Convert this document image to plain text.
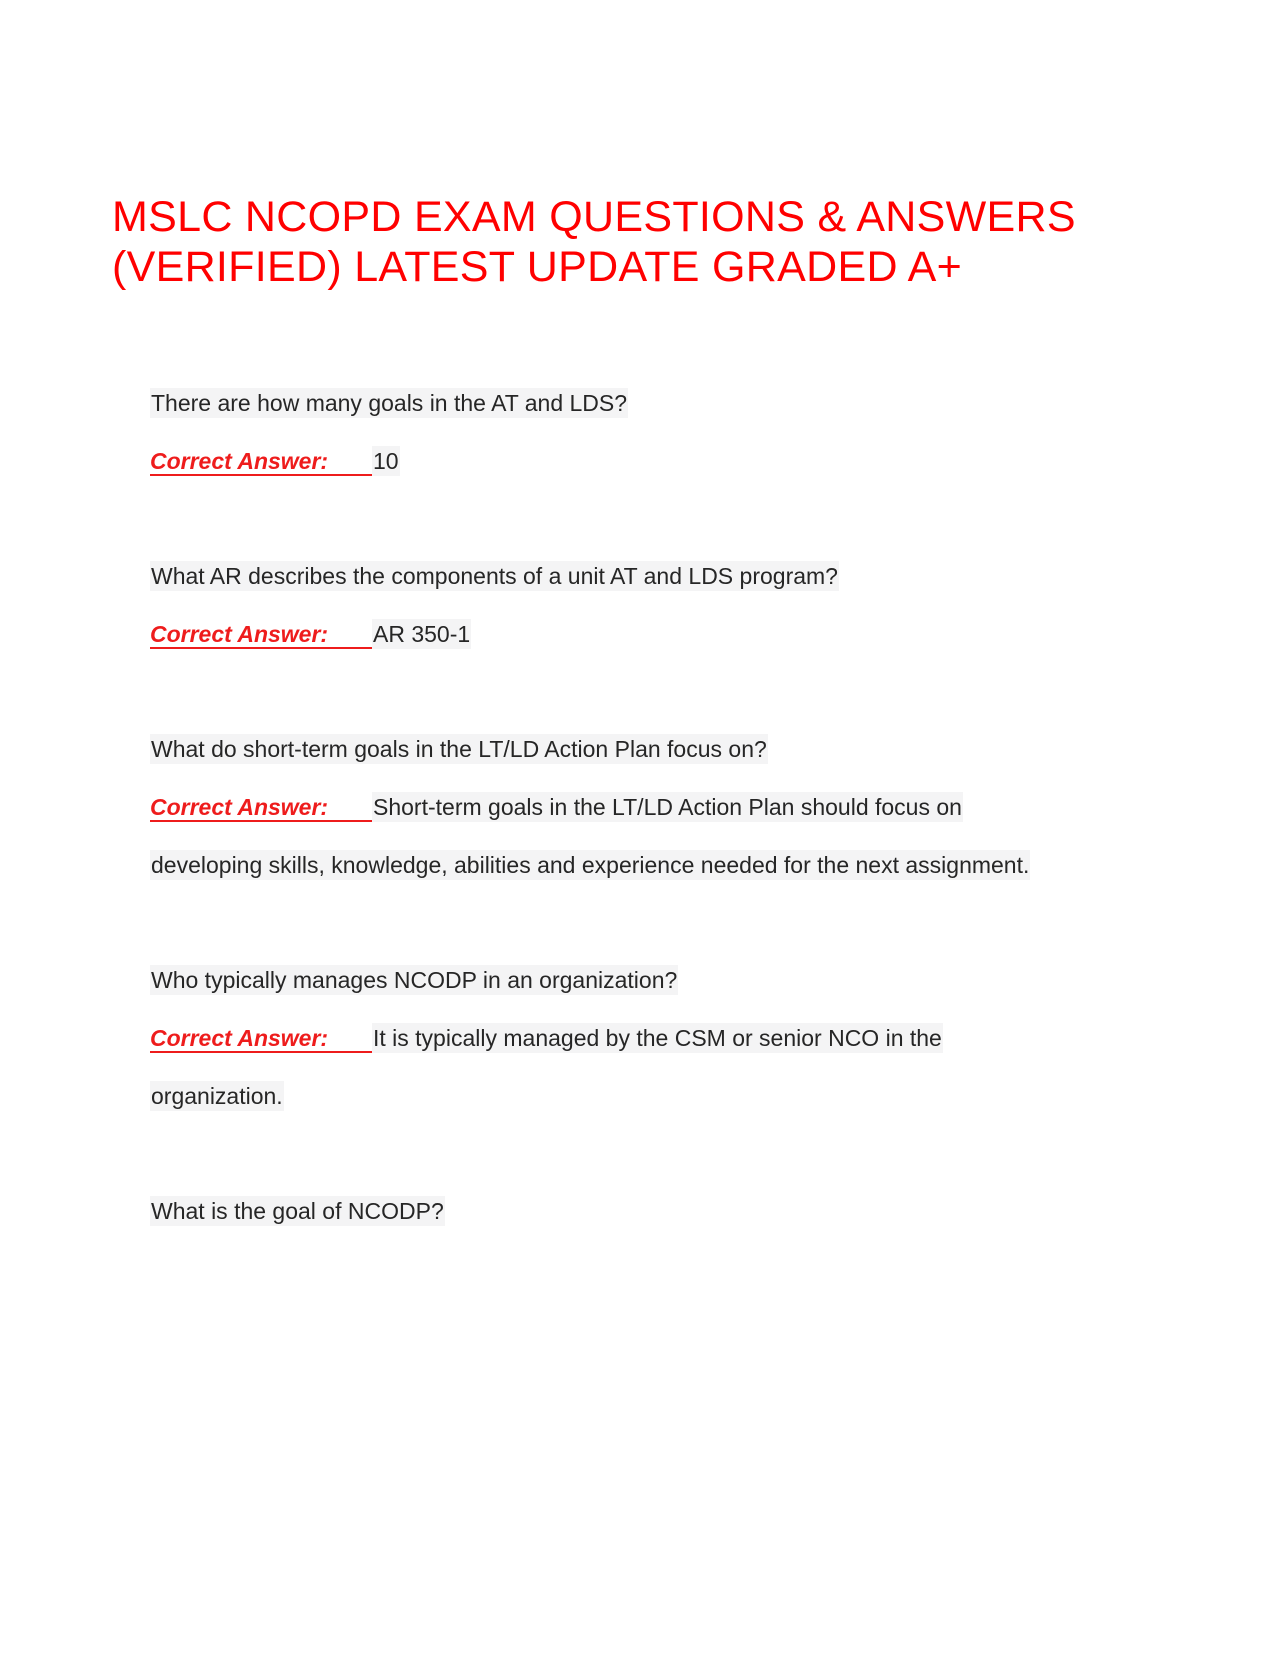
MSLC NCOPD EXAM QUESTIONS & ANSWERS
(VERIFIED) LATEST UPDATE GRADED A+
There are how many goals in the AT and LDS?
Correct Answer: 10
What AR describes the components of a unit AT and LDS program?
Correct Answer: AR 350-1
What do short-term goals in the LT/LD Action Plan focus on?
Correct Answer: Short-term goals in the LT/LD Action Plan should focus on
developing skills, knowledge, abilities and experience needed for the next assignment.
Who typically manages NCODP in an organization?
Correct Answer: It is typically managed by the CSM or senior NCO in the
organization.
What is the goal of NCODP?
